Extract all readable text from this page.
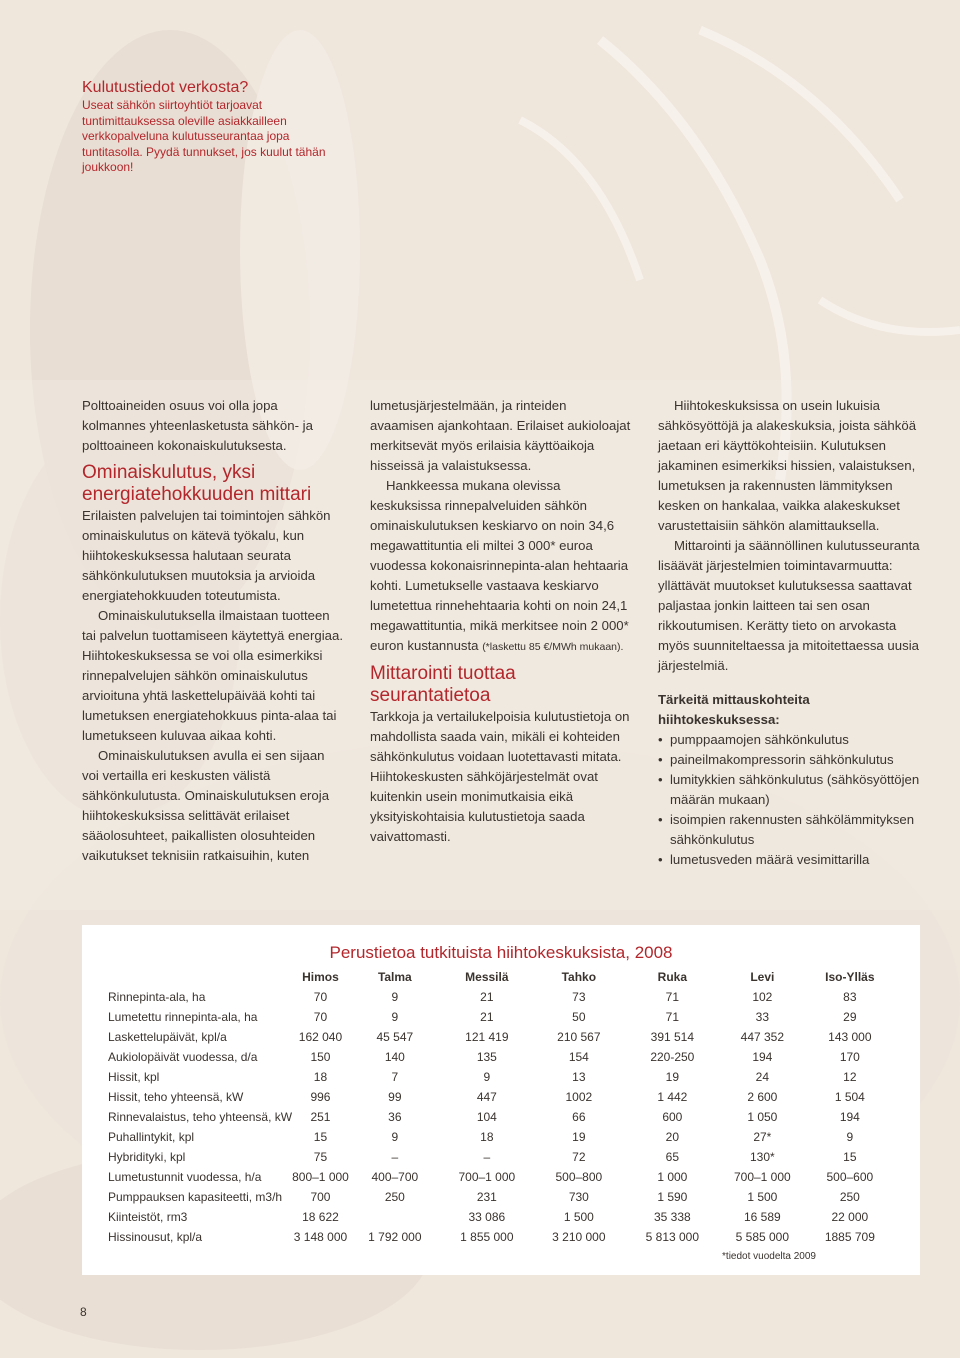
Kulutustiedot verkosta?

Useat sähkön siirtoyhtiöt tarjoavat tuntimittauksessa oleville asiakkailleen verkkopalveluna kulutusseurantaa jopa tuntitasolla. Pyydä tunnukset, jos kuulut tähän joukkoon!

Polttoaineiden osuus voi olla jopa kolmannes yhteenlasketusta sähkön- ja polttoaineen kokonaiskulutuksesta.

Ominaiskulutus, yksi energiatehokkuuden mittari

Erilaisten palvelujen tai toimintojen sähkön ominaiskulutus on kätevä työkalu, kun hiihtokeskuksessa halutaan seurata sähkönkulutuksen muutoksia ja arvioida energiatehokkuuden toteutumista.

Ominaiskulutuksella ilmaistaan tuotteen tai palvelun tuottamiseen käytettyä energiaa. Hiihtokeskuksessa se voi olla esimerkiksi rinnepalvelujen sähkön ominaiskulutus arvioituna yhtä laskettelupäivää kohti tai lumetuksen energiatehokkuus pinta-alaa tai lumetukseen kuluvaa aikaa kohti.

Ominaiskulutuksen avulla ei sen sijaan voi vertailla eri keskusten välistä sähkönkulutusta. Ominaiskulutuksen eroja hiihtokeskuksissa selittävät erilaiset sääolosuhteet, paikallisten olosuhteiden vaikutukset teknisiin ratkaisuihin, kuten

lumetusjärjestelmään, ja rinteiden avaamisen ajankohtaan. Erilaiset aukioloajat merkitsevät myös erilaisia käyttöaikoja hisseissä ja valaistuksessa.

Hankkeessa mukana olevissa keskuksissa rinnepalveluiden sähkön ominaiskulutuksen keskiarvo on noin 34,6 megawattituntia eli miltei 3 000* euroa vuodessa kokonaisrinnepinta-alan hehtaaria kohti. Lumetukselle vastaava keskiarvo lumetettua rinnehehtaaria kohti on noin 24,1 megawattituntia, mikä merkitsee noin 2 000* euron kustannusta (*laskettu 85 €/MWh mukaan).

Mittarointi tuottaa seurantatietoa

Tarkkoja ja vertailukelpoisia kulutustietoja on mahdollista saada vain, mikäli ei kohteiden sähkönkulutus voidaan luotettavasti mitata. Hiihtokeskusten sähköjärjestelmät ovat kuitenkin usein monimutkaisia eikä yksityiskohtaisia kulutustietoja saada vaivattomasti.

Hiihtokeskuksissa on usein lukuisia sähkösyöttöjä ja alakeskuksia, joista sähköä jaetaan eri käyttökohteisiin. Kulutuksen jakaminen esimerkiksi hissien, valaistuksen, lumetuksen ja rakennusten lämmityksen kesken on hankalaa, vaikka alakeskukset varustettaisiin sähkön alamittauksella.

Mittarointi ja säännöllinen kulutusseuranta lisäävät järjestelmien toimintavarmuutta: yllättävät muutokset kulutuksessa saattavat paljastaa jonkin laitteen tai sen osan rikkoutumisen. Kerätty tieto on arvokasta myös suunniteltaessa ja mitoitettaessa uusia järjestelmiä.

Tärkeitä mittauskohteita hiihtokeskuksessa:
• pumppaamojen sähkönkulutus
• paineilmakompressorin sähkönkulutus
• lumitykkien sähkönkulutus (sähkösyöttöjen määrän mukaan)
• isoimpien rakennusten sähkölämmityksen sähkönkulutus
• lumetusveden määrä vesimittarilla
Perustietoa tutkituista hiihtokeskuksista, 2008
	Himos	Talma	Messilä	Tahko	Ruka	Levi	Iso-Ylläs
Rinnepinta-ala, ha	70	9	21	73	71	102	83
Lumetettu rinnepinta-ala, ha	70	9	21	50	71	33	29
Laskettelupäivät, kpl/a	162 040	45 547	121 419	210 567	391 514	447 352	143 000
Aukiolopäivät vuodessa, d/a	150	140	135	154	220-250	194	170
Hissit, kpl	18	7	9	13	19	24	12
Hissit, teho yhteensä, kW	996	99	447	1002	1 442	2 600	1 504
Rinnevalaistus, teho yhteensä, kW	251	36	104	66	600	1 050	194
Puhallintykit, kpl	15	9	18	19	20	27*	9
Hybridityki, kpl	75	–	–	72	65	130*	15
Lumetustunnit vuodessa, h/a	800–1 000	400–700	700–1 000	500–800	1 000	700–1 000	500–600
Pumppauksen kapasiteetti, m3/h	700	250	231	730	1 590	1 500	250
Kiinteistöt, rm3	18 622		33 086	1 500	35 338	16 589	22 000
Hissinousut, kpl/a	3 148 000	1 792 000	1 855 000	3 210 000	5 813 000	5 585 000	1885 709
*tiedot vuodelta 2009
8
